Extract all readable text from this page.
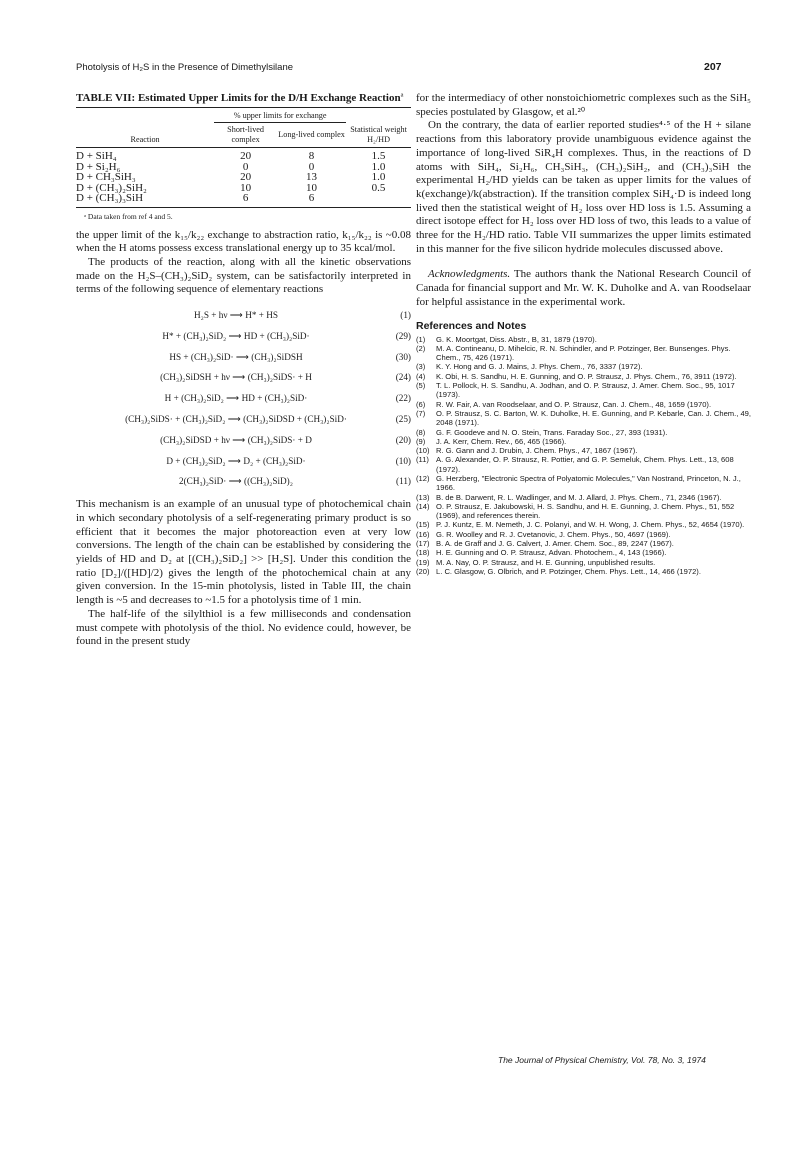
Photolysis of H₂S in the Presence of Dimethylsilane	207
TABLE VII: Estimated Upper Limits for the D/H Exchange Reaction$^a$
	% upper limits for exchange		
Reaction	Short-lived complex	Long-lived complex	Statistical weight H₂/HD
D + SiH₄	20	8	1.5
D + Si₂H₆	0	0	1.0
D + CH₃SiH₃	20	13	1.0
D + (CH₃)₂SiH₂	10	10	0.5
D + (CH₃)₃SiH	6	6	
ᵃ Data taken from ref 4 and 5.

the upper limit of the k₁₅/k₂₂ exchange to abstraction ratio, k₁₅/k₂₂ is ~0.08 when the H atoms possess excess translational energy up to 35 kcal/mol.

The products of the reaction, along with all the kinetic observations made on the H₂S–(CH₃)₂SiD₂ system, can be satisfactorily interpreted in terms of the following sequence of elementary reactions

H₂S + hν ⟶ H* + HS	(1)
H* + (CH₃)₂SiD₂ ⟶ HD + (CH₃)₂SiD·	(29)
HS + (CH₃)₂SiD· ⟶ (CH₃)₂SiDSH	(30)
(CH₃)₂SiDSH + hν ⟶ (CH₃)₂SiDS· + H	(24)
H + (CH₃)₂SiD₂ ⟶ HD + (CH₃)₂SiD·	(22)
(CH₃)₂SiDS· + (CH₃)₂SiD₂ ⟶ (CH₃)₂SiDSD + (CH₃)₂SiD·	(25)
(CH₃)₂SiDSD + hν ⟶ (CH₃)₂SiDS· + D	(20)
D + (CH₃)₂SiD₂ ⟶ D₂ + (CH₃)₂SiD·	(10)
2(CH₃)₂SiD· ⟶ ((CH₃)₂SiD)₂	(11)

This mechanism is an example of an unusual type of photochemical chain in which secondary photolysis of a self-regenerating primary product is so efficient that it becomes the major photoreaction even at very low conversions. The length of the chain can be established by considering the yields of HD and D₂ at [(CH₃)₂SiD₂] >> [H₂S]. Under this condition the ratio [D₂]/([HD]/2) gives the length of the photochemical chain at any given conversion. In the 15-min photolysis, listed in Table III, the chain length is ~5 and decreases to ~1.5 for a photolysis time of 1 min.

The half-life of the silylthiol is a few milliseconds and condensation must compete with photolysis of the thiol. No evidence could, however, be found in the present study

for the intermediacy of other nonstoichiometric complexes such as the SiH₅ species postulated by Glasgow, et al.²⁰

On the contrary, the data of earlier reported studies⁴·⁵ of the H + silane reactions from this laboratory provide unambiguous evidence against the importance of long-lived SiR₄H complexes. Thus, in the reactions of D atoms with SiH₄, Si₂H₆, CH₃SiH₃, (CH₃)₂SiH₂, and (CH₃)₃SiH the experimental H₂/HD yields can be taken as upper limits for the values of k(exchange)/k(abstraction). If the transition complex SiH₄·D is indeed long lived then the statistical weight of H₂ loss over HD loss is 1.5. Assuming a direct isotope effect for H₂ loss over HD loss of two, this leads to a value of three for the H₂/HD ratio. Table VII summarizes the upper limits estimated in this manner for the five silicon hydride molecules discussed above.

Acknowledgments. The authors thank the National Research Council of Canada for financial support and Mr. W. K. Duholke and A. van Roodselaar for helpful assistance in the experimental work.

References and Notes
(1)	G. K. Moortgat, Diss. Abstr., B, 31, 1879 (1970).
(2)	M. A. Contineanu, D. Mihelcic, R. N. Schindler, and P. Potzinger, Ber. Bunsenges. Phys. Chem., 75, 426 (1971).
(3)	K. Y. Hong and G. J. Mains, J. Phys. Chem., 76, 3337 (1972).
(4)	K. Obi, H. S. Sandhu, H. E. Gunning, and O. P. Strausz, J. Phys. Chem., 76, 3911 (1972).
(5)	T. L. Pollock, H. S. Sandhu, A. Jodhan, and O. P. Strausz, J. Amer. Chem. Soc., 95, 1017 (1973).
(6)	R. W. Fair, A. van Roodselaar, and O. P. Strausz, Can. J. Chem., 48, 1659 (1970).
(7)	O. P. Strausz, S. C. Barton, W. K. Duholke, H. E. Gunning, and P. Kebarle, Can. J. Chem., 49, 2048 (1971).
(8)	G. F. Goodeve and N. O. Stein, Trans. Faraday Soc., 27, 393 (1931).
(9)	J. A. Kerr, Chem. Rev., 66, 465 (1966).
(10) R. G. Gann and J. Drubin, J. Chem. Phys., 47, 1867 (1967).
(11) A. G. Alexander, O. P. Strausz, R. Pottier, and G. P. Semeluk, Chem. Phys. Lett., 13, 608 (1972).
(12) G. Herzberg, "Electronic Spectra of Polyatomic Molecules," Van Nostrand, Princeton, N. J., 1966.
(13) B. de B. Darwent, R. L. Wadlinger, and M. J. Allard, J. Phys. Chem., 71, 2346 (1967).
(14) O. P. Strausz, E. Jakubowski, H. S. Sandhu, and H. E. Gunning, J. Chem. Phys., 51, 552 (1969), and references therein.
(15) P. J. Kuntz, E. M. Nemeth, J. C. Polanyi, and W. H. Wong, J. Chem. Phys., 52, 4654 (1970).
(16) G. R. Woolley and R. J. Cvetanovic, J. Chem. Phys., 50, 4697 (1969).
(17) B. A. de Graff and J. G. Calvert, J. Amer. Chem. Soc., 89, 2247 (1967).
(18) H. E. Gunning and O. P. Strausz, Advan. Photochem., 4, 143 (1966).
(19) M. A. Nay, O. P. Strausz, and H. E. Gunning, unpublished results.
(20) L. C. Glasgow, G. Olbrich, and P. Potzinger, Chem. Phys. Lett., 14, 466 (1972).
The Journal of Physical Chemistry, Vol. 78, No. 3, 1974
